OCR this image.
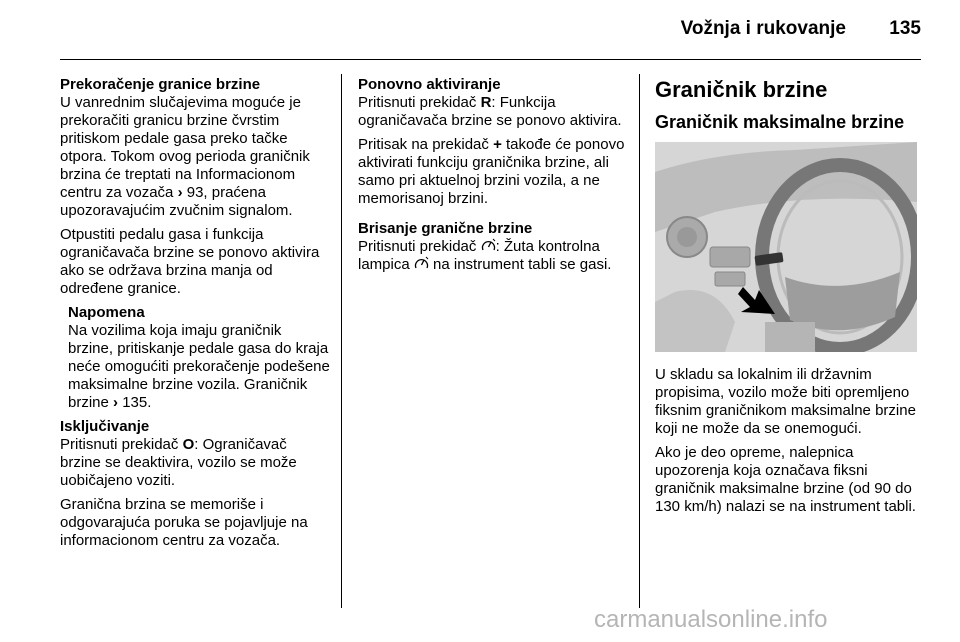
Vožnja i rukovanje 135

Prekoračenje granice brzine

U vanrednim slučajevima moguće je prekoračiti granicu brzine čvrstim pritiskom pedale gasa preko tačke otpora. Tokom ovog perioda graničnik brzina će treptati na Informacionom centru za vozača › 93, praćena upozoravajućim zvučnim signalom.

Otpustiti pedalu gasa i funkcija ograničavača brzine se ponovo aktivira ako se održava brzina manja od određene granice.

Napomena

Na vozilima koja imaju graničnik brzine, pritiskanje pedale gasa do kraja neće omogućiti prekoračenje podešene maksimalne brzine vozila. Graničnik brzine › 135.

Isključivanje

Pritisnuti prekidač O: Ograničavač brzine se deaktivira, vozilo se može uobičajeno voziti.

Granična brzina se memoriše i odgovarajuća poruka se pojavljuje na informacionom centru za vozača.

Ponovno aktiviranje

Pritisnuti prekidač R: Funkcija ograničavača brzine se ponovo aktivira.

Pritisak na prekidač + takođe će ponovo aktivirati funkciju graničnika brzine, ali samo pri aktuelnoj brzini vozila, a ne memorisanoj brzini.

Brisanje granične brzine

Pritisnuti prekidač : Žuta kontrolna lampica  na instrument tabli se gasi.

Graničnik brzine

Graničnik maksimalne brzine

U skladu sa lokalnim ili državnim propisima, vozilo može biti opremljeno fiksnim graničnikom maksimalne brzine koji ne može da se onemogući.

Ako je deo opreme, nalepnica upozorenja koja označava fiksni graničnik maksimalne brzine (od 90 do 130 km/h) nalazi se na instrument tabli.

carmanualsonline.info
